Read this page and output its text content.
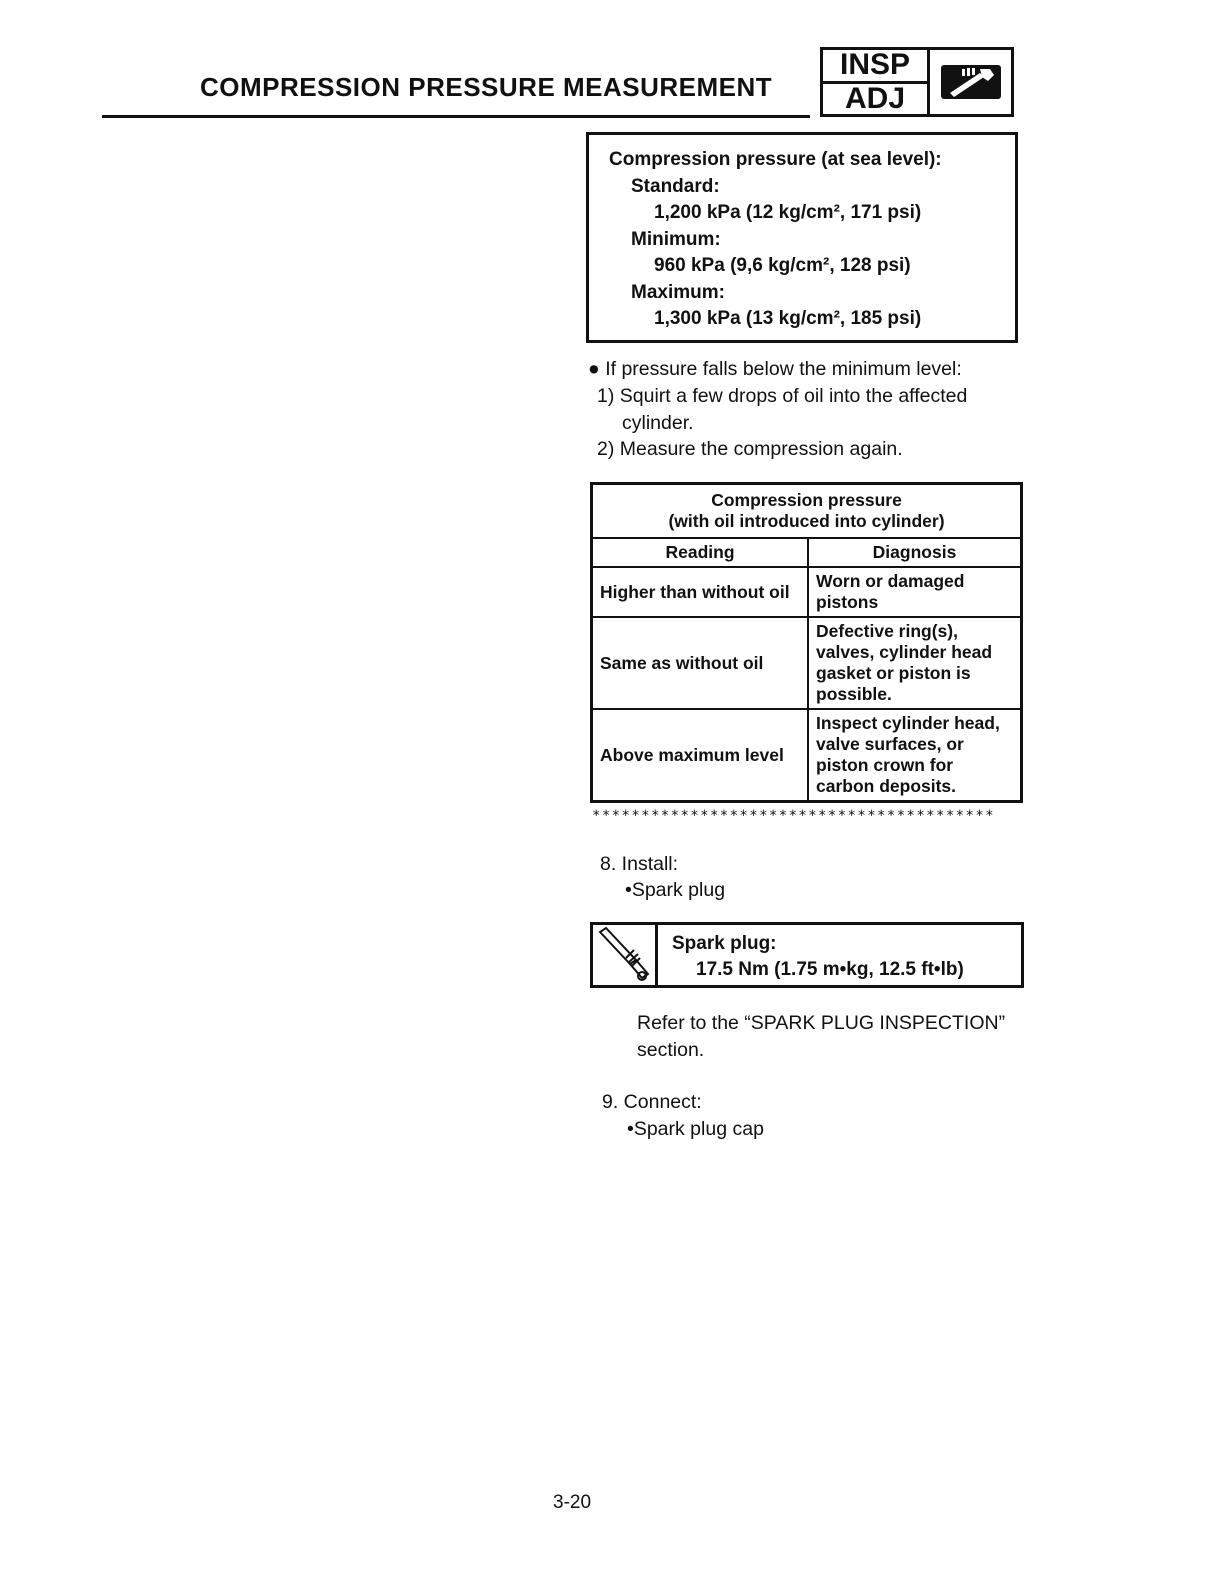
COMPRESSION PRESSURE MEASUREMENT
INSP
ADJ
Compression pressure (at sea level):
Standard:
1,200 kPa (12 kg/cm², 171 psi)
Minimum:
960 kPa (9,6 kg/cm², 128 psi)
Maximum:
1,300 kPa (13 kg/cm², 185 psi)
● If pressure falls below the minimum level:
1) Squirt a few drops of oil into the affected
cylinder.
2) Measure the compression again.
Compression pressure
(with oil introduced into cylinder)	

Reading	Diagnosis
Higher than without oil	Worn or damaged pistons
Same as without oil	Defective ring(s), valves, cylinder head gasket or piston is possible.
Above maximum level	Inspect cylinder head, valve surfaces, or piston crown for carbon deposits.
*****************************************
8. Install:
•Spark plug
Spark plug:
17.5 Nm (1.75 m•kg, 12.5 ft•lb)
Refer to the “SPARK PLUG INSPECTION”
section.
9. Connect:
•Spark plug cap
3-20
